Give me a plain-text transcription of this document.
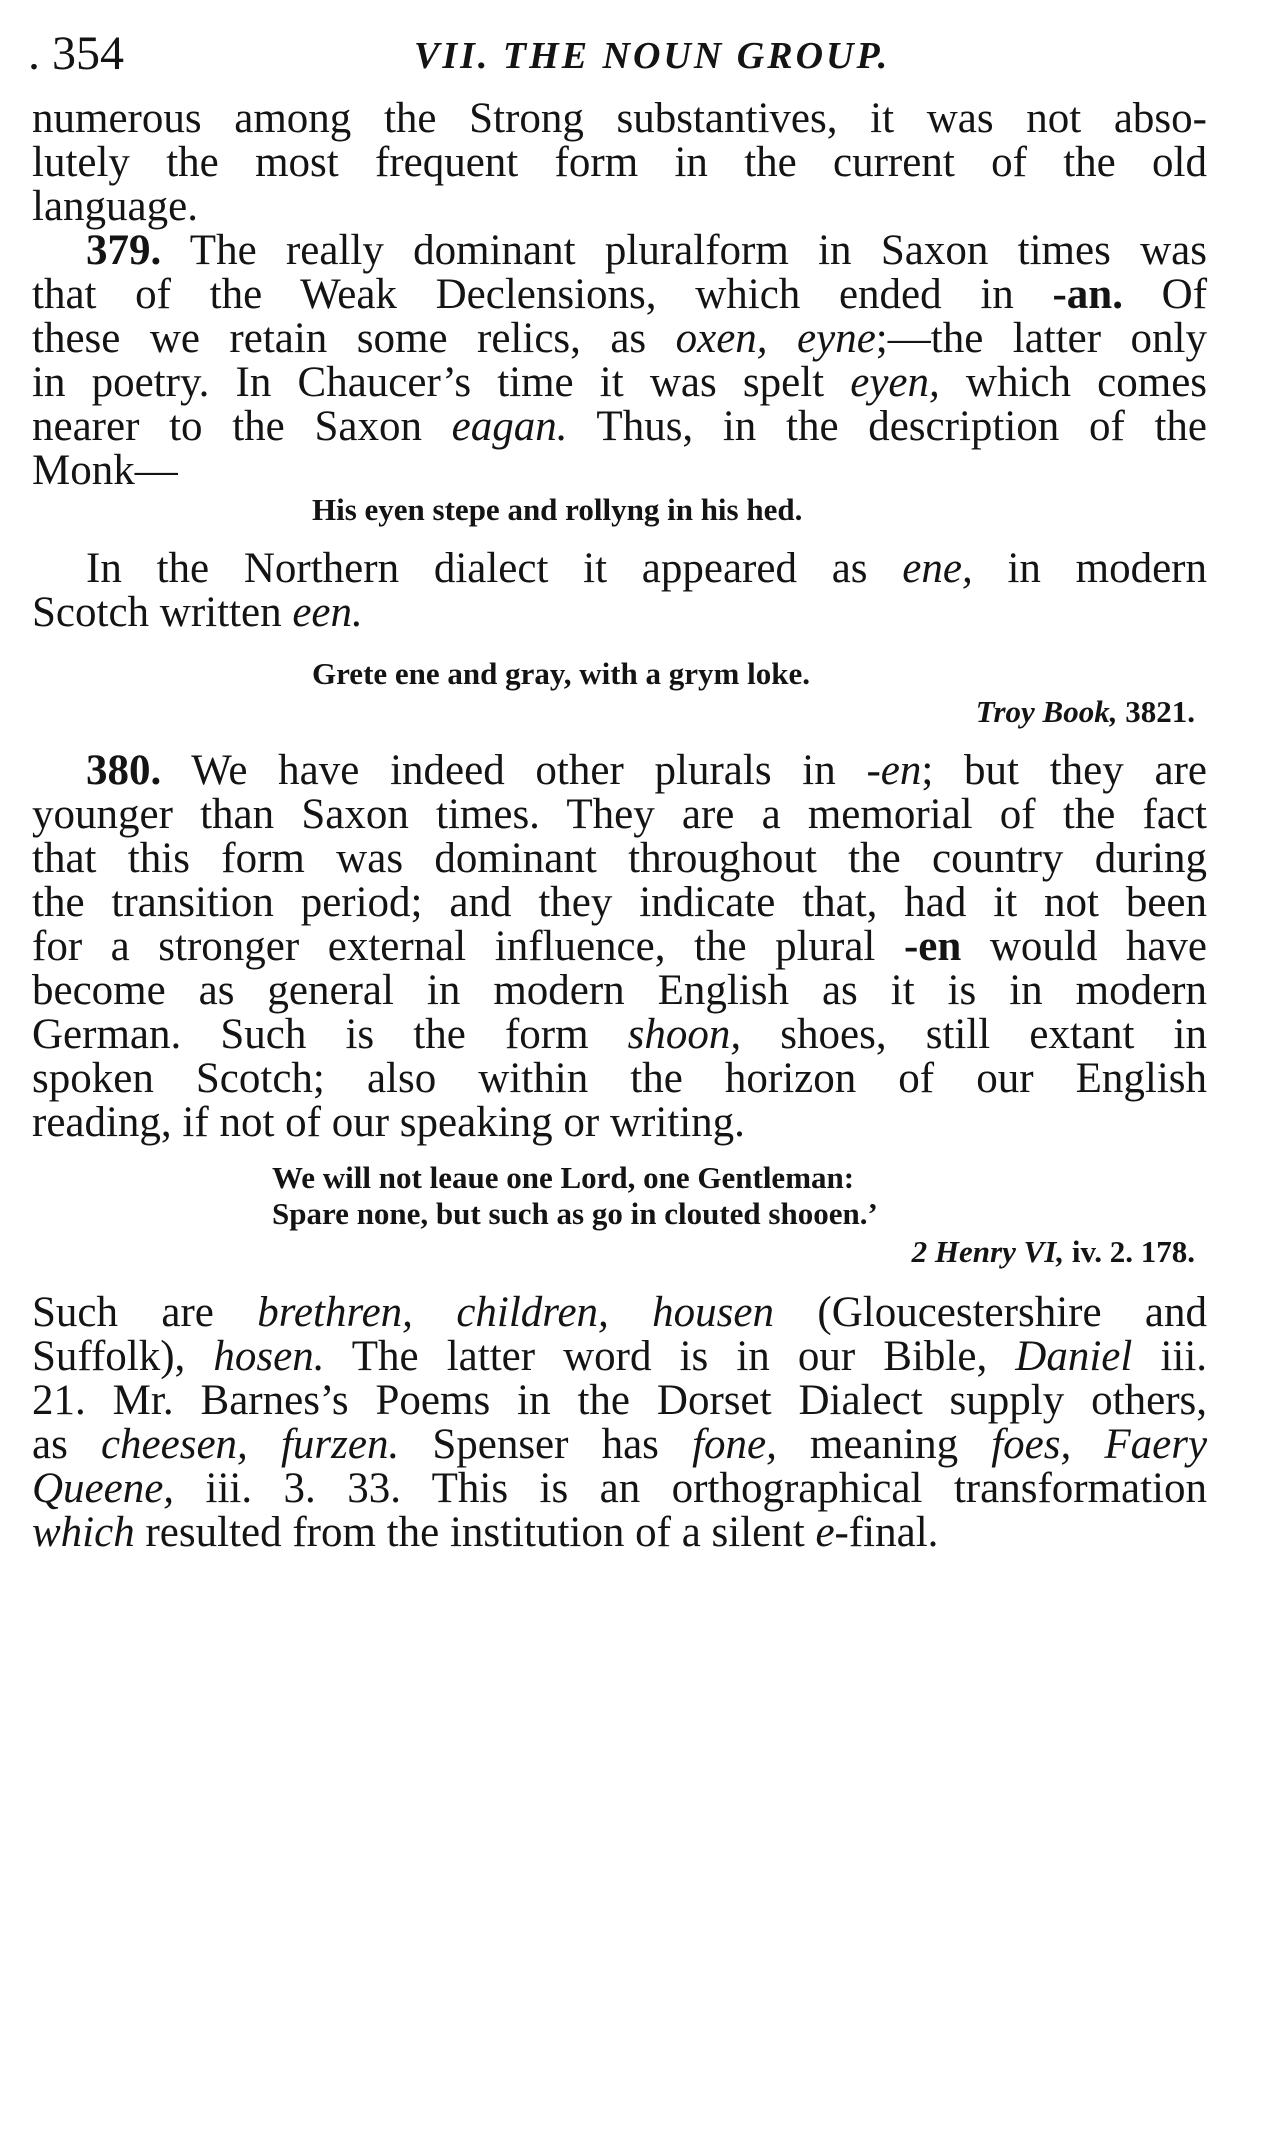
. 354	VII. THE NOUN GROUP.
numerous among the Strong substantives, it was not abso-
lutely the most frequent form in the current of the old
language.
379. The really dominant pluralform in Saxon times was
that of the Weak Declensions, which ended in -an. Of
these we retain some relics, as oxen, eyne;—the latter only
in poetry. In Chaucer’s time it was spelt eyen, which comes
nearer to the Saxon eagan. Thus, in the description of the
Monk—
His eyen stepe and rollyng in his hed.
In the Northern dialect it appeared as ene, in modern
Scotch written een.
Grete ene and gray, with a grym loke.
Troy Book, 3821.
380. We have indeed other plurals in -en; but they are
younger than Saxon times. They are a memorial of the fact
that this form was dominant throughout the country during
the transition period; and they indicate that, had it not been
for a stronger external influence, the plural -en would have
become as general in modern English as it is in modern
German. Such is the form shoon, shoes, still extant in
spoken Scotch; also within the horizon of our English
reading, if not of our speaking or writing.
We will not leaue one Lord, one Gentleman:
Spare none, but such as go in clouted shooen.’
2 Henry VI, iv. 2. 178.
Such are brethren, children, housen (Gloucestershire and
Suffolk), hosen. The latter word is in our Bible, Daniel iii.
21. Mr. Barnes’s Poems in the Dorset Dialect supply others,
as cheesen, furzen. Spenser has fone, meaning foes, Faery
Queene, iii. 3. 33. This is an orthographical transformation
which resulted from the institution of a silent e-final.
